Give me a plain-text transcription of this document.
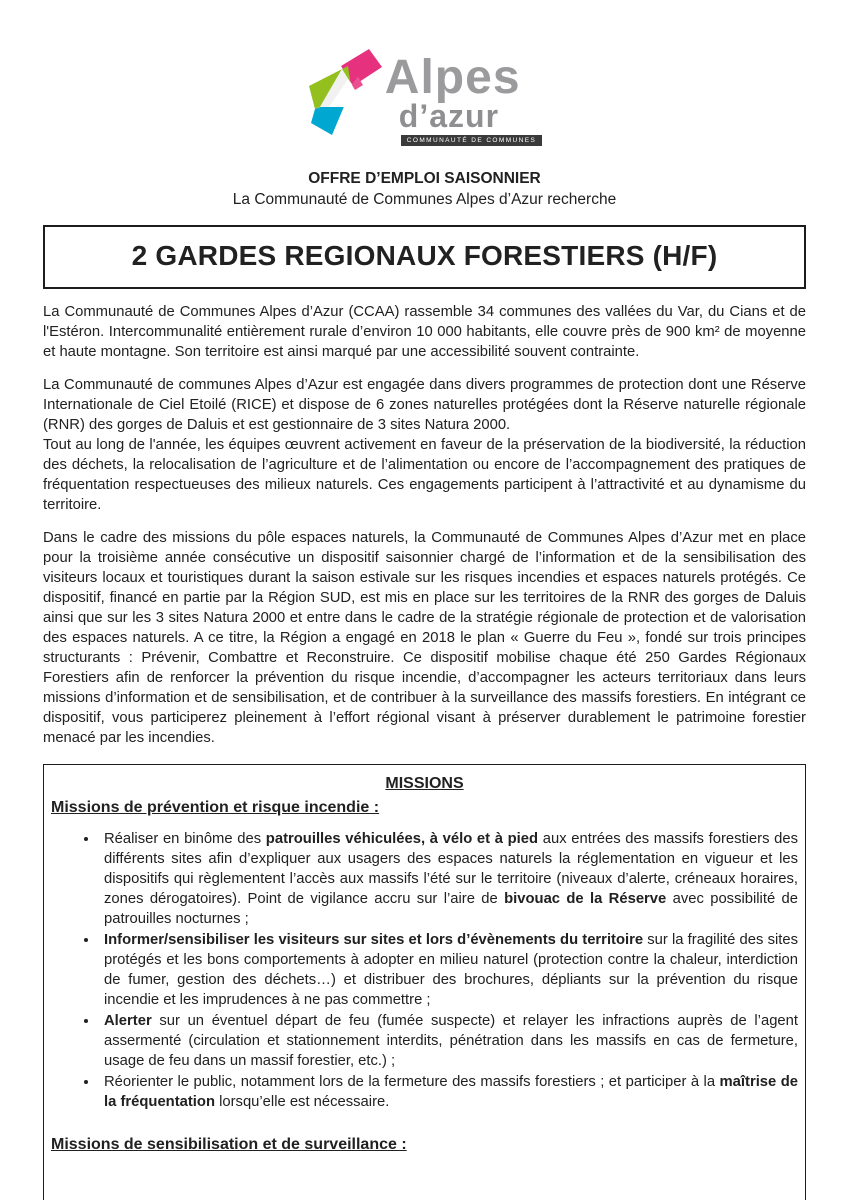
Alpes
d’azur
COMMUNAUTÉ DE COMMUNES
OFFRE D’EMPLOI SAISONNIER
La Communauté de Communes Alpes d’Azur recherche
2 GARDES REGIONAUX FORESTIERS (H/F)

La Communauté de Communes Alpes d’Azur (CCAA) rassemble 34 communes des vallées du Var, du Cians et de l'Estéron. Intercommunalité entièrement rurale d’environ 10 000 habitants, elle couvre près de 900 km² de moyenne et haute montagne. Son territoire est ainsi marqué par une accessibilité souvent contrainte.

La Communauté de communes Alpes d’Azur est engagée dans divers programmes de protection dont une Réserve Internationale de Ciel Etoilé (RICE) et dispose de 6 zones naturelles protégées dont la Réserve naturelle régionale (RNR) des gorges de Daluis et est gestionnaire de 3 sites Natura 2000.

Tout au long de l'année, les équipes œuvrent activement en faveur de la préservation de la biodiversité, la réduction des déchets, la relocalisation de l’agriculture et de l’alimentation ou encore de l’accompagnement des pratiques de fréquentation respectueuses des milieux naturels. Ces engagements participent à l’attractivité et au dynamisme du territoire.

Dans le cadre des missions du pôle espaces naturels, la Communauté de Communes Alpes d’Azur met en place pour la troisième année consécutive un dispositif saisonnier chargé de l’information et de la sensibilisation des visiteurs locaux et touristiques durant la saison estivale sur les risques incendies et espaces naturels protégés. Ce dispositif, financé en partie par la Région SUD, est mis en place sur les territoires de la RNR des gorges de Daluis ainsi que sur les 3 sites Natura 2000 et entre dans le cadre de la stratégie régionale de protection et de valorisation des espaces naturels. A ce titre, la Région a engagé en 2018 le plan « Guerre du Feu », fondé sur trois principes structurants : Prévenir, Combattre et Reconstruire. Ce dispositif mobilise chaque été 250 Gardes Régionaux Forestiers afin de renforcer la prévention du risque incendie, d’accompagner les acteurs territoriaux dans leurs missions d’information et de sensibilisation, et de contribuer à la surveillance des massifs forestiers. En intégrant ce dispositif, vous participerez pleinement à l’effort régional visant à préserver durablement le patrimoine forestier menacé par les incendies.

MISSIONS
Missions de prévention et risque incendie :
• Réaliser en binôme des patrouilles véhiculées, à vélo et à pied aux entrées des massifs forestiers des différents sites afin d’expliquer aux usagers des espaces naturels la réglementation en vigueur et les dispositifs qui règlementent l’accès aux massifs l’été sur le territoire (niveaux d’alerte, créneaux horaires, zones dérogatoires). Point de vigilance accru sur l’aire de bivouac de la Réserve avec possibilité de patrouilles nocturnes ;
• Informer/sensibiliser les visiteurs sur sites et lors d’évènements du territoire sur la fragilité des sites protégés et les bons comportements à adopter en milieu naturel (protection contre la chaleur, interdiction de fumer, gestion des déchets…) et distribuer des brochures, dépliants sur la prévention du risque incendie et les imprudences à ne pas commettre ;
• Alerter sur un éventuel départ de feu (fumée suspecte) et relayer les infractions auprès de l’agent assermenté (circulation et stationnement interdits, pénétration dans les massifs en cas de fermeture, usage de feu dans un massif forestier, etc.) ;
• Réorienter le public, notamment lors de la fermeture des massifs forestiers ; et participer à la maîtrise de la fréquentation lorsqu’elle est nécessaire.
Missions de sensibilisation et de surveillance :
